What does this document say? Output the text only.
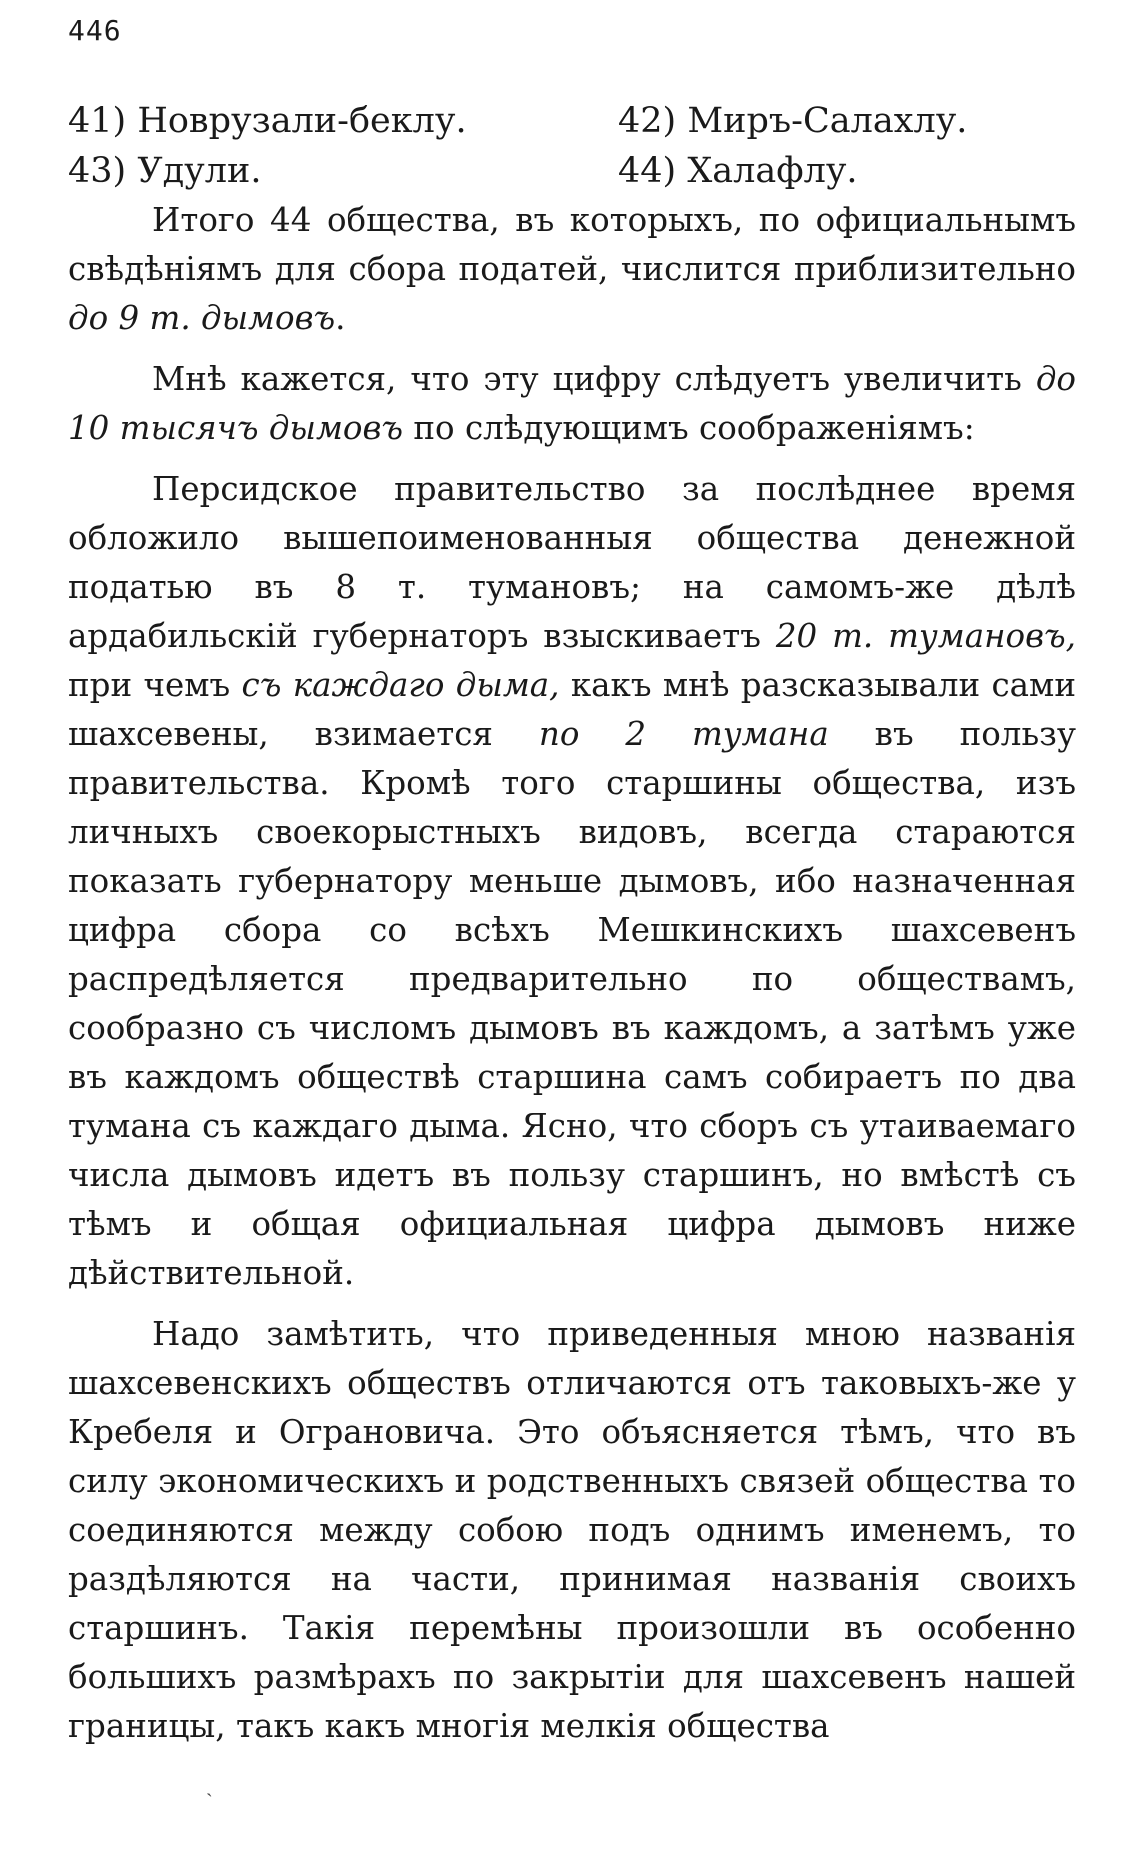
446
41) Новрузали-беклу.	42) Миръ-Салахлу.
43) Удули.	44) Халафлу.

Итого 44 общества, въ которыхъ, по официальнымъ свѣдѣніямъ для сбора податей, числится приблизительно до 9 т. дымовъ.

Мнѣ кажется, что эту цифру слѣдуетъ увеличить до 10 тысячъ дымовъ по слѣдующимъ соображеніямъ:

Персидское правительство за послѣднее время обложило вышепоименованныя общества денежной податью въ 8 т. тумановъ; на самомъ-же дѣлѣ ардабильскій губернаторъ взыскиваетъ 20 т. тумановъ, при чемъ съ каждаго дыма, какъ мнѣ разсказывали сами шахсевены, взимается по 2 тумана въ пользу правительства. Кромѣ того старшины общества, изъ личныхъ своекорыстныхъ видовъ, всегда стараются показать губернатору меньше дымовъ, ибо назначенная цифра сбора со всѣхъ Мешкинскихъ шахсевенъ распредѣляется предварительно по обществамъ, сообразно съ числомъ дымовъ въ каждомъ, а затѣмъ уже въ каждомъ обществѣ старшина самъ собираетъ по два тумана съ каждаго дыма. Ясно, что сборъ съ утаиваемаго числа дымовъ идетъ въ пользу старшинъ, но вмѣстѣ съ тѣмъ и общая официальная цифра дымовъ ниже дѣйствительной.

Надо замѣтить, что приведенныя мною названія шахсевенскихъ обществъ отличаются отъ таковыхъ-же у Кребеля и Ограновича. Это объясняется тѣмъ, что въ силу экономическихъ и родственныхъ связей общества то соединяются между собою подъ однимъ именемъ, то раздѣляются на части, принимая названія своихъ старшинъ. Такія перемѣны произошли въ особенно большихъ размѣрахъ по закрытіи для шахсевенъ нашей границы, такъ какъ многія мелкія общества

ˏ
